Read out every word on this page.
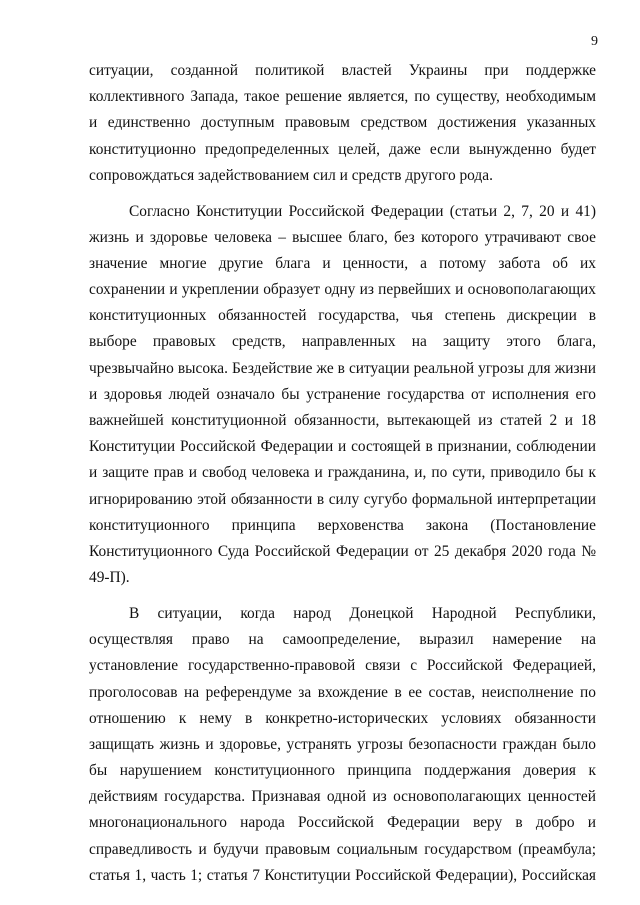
9

ситуации, созданной политикой властей Украины при поддержке
коллективного Запада, такое решение является, по существу, необходимым
и единственно доступным правовым средством достижения указанных
конституционно предопределенных целей, даже если вынужденно будет
сопровождаться задействованием сил и средств другого рода.

Согласно Конституции Российской Федерации (статьи 2, 7, 20 и 41)
жизнь и здоровье человека – высшее благо, без которого утрачивают свое
значение многие другие блага и ценности, а потому забота об их
сохранении и укреплении образует одну из первейших и основополагающих
конституционных обязанностей государства, чья степень дискреции в
выборе правовых средств, направленных на защиту этого блага,
чрезвычайно высока. Бездействие же в ситуации реальной угрозы для жизни
и здоровья людей означало бы устранение государства от исполнения его
важнейшей конституционной обязанности, вытекающей из статей 2 и 18
Конституции Российской Федерации и состоящей в признании, соблюдении
и защите прав и свобод человека и гражданина, и, по сути, приводило бы к
игнорированию этой обязанности в силу сугубо формальной интерпретации
конституционного принципа верховенства закона (Постановление
Конституционного Суда Российской Федерации от 25 декабря 2020 года №
49-П).

В ситуации, когда народ Донецкой Народной Республики,
осуществляя право на самоопределение, выразил намерение на
установление государственно-правовой связи с Российской Федерацией,
проголосовав на референдуме за вхождение в ее состав, неисполнение по
отношению к нему в конкретно-исторических условиях обязанности
защищать жизнь и здоровье, устранять угрозы безопасности граждан было
бы нарушением конституционного принципа поддержания доверия к
действиям государства. Признавая одной из основополагающих ценностей
многонационального народа Российской Федерации веру в добро и
справедливость и будучи правовым социальным государством (преамбула;
статья 1, часть 1; статья 7 Конституции Российской Федерации), Российская
